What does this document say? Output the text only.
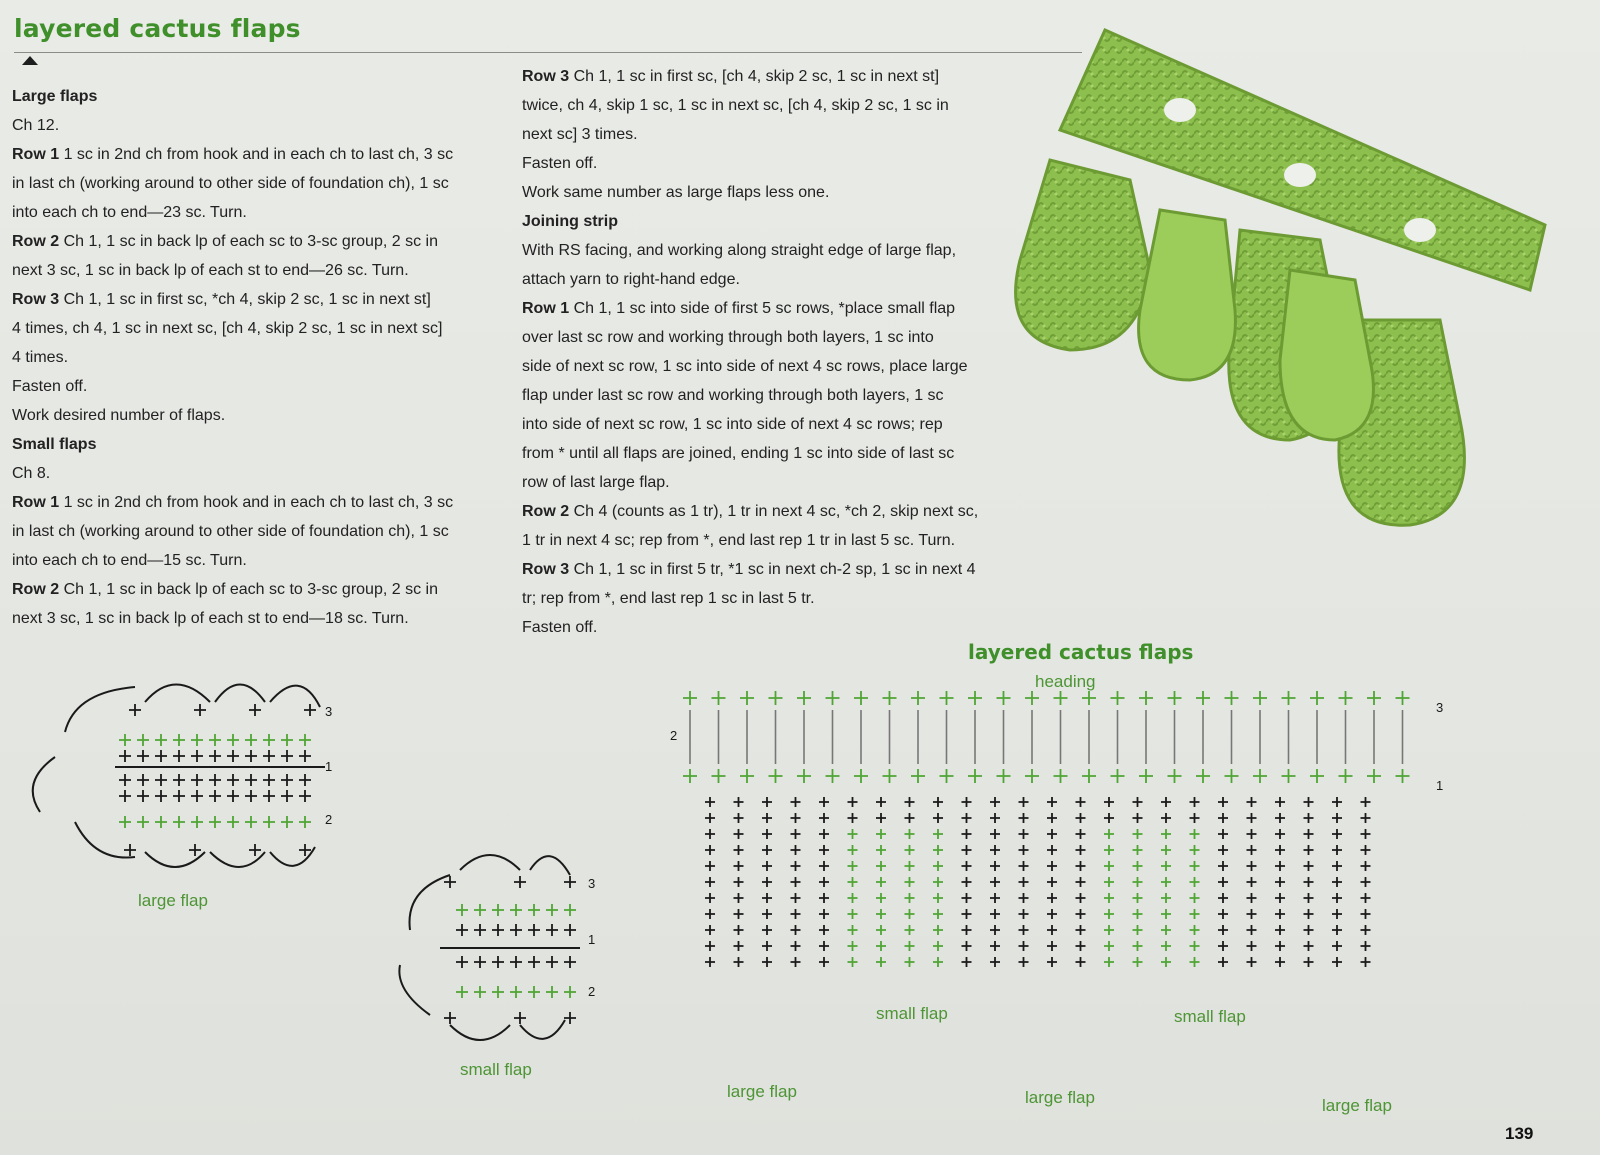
layered cactus flaps

Large flaps

Ch 12.

Row 1 1 sc in 2nd ch from hook and in each ch to last ch, 3 sc

in last ch (working around to other side of foundation ch), 1 sc

into each ch to end—23 sc. Turn.

Row 2 Ch 1, 1 sc in back lp of each sc to 3-sc group, 2 sc in

next 3 sc, 1 sc in back lp of each st to end—26 sc. Turn.

Row 3 Ch 1, 1 sc in first sc, *ch 4, skip 2 sc, 1 sc in next st]

4 times, ch 4, 1 sc in next sc, [ch 4, skip 2 sc, 1 sc in next sc]

4 times.

Fasten off.

Work desired number of flaps.

Small flaps

Ch 8.

Row 1 1 sc in 2nd ch from hook and in each ch to last ch, 3 sc

in last ch (working around to other side of foundation ch), 1 sc

into each ch to end—15 sc. Turn.

Row 2 Ch 1, 1 sc in back lp of each sc to 3-sc group, 2 sc in

next 3 sc, 1 sc in back lp of each st to end—18 sc. Turn.

Row 3 Ch 1, 1 sc in first sc, [ch 4, skip 2 sc, 1 sc in next st]

twice, ch 4, skip 1 sc, 1 sc in next sc, [ch 4, skip 2 sc, 1 sc in

next sc] 3 times.

Fasten off.

Work same number as large flaps less one.

Joining strip

With RS facing, and working along straight edge of large flap,

attach yarn to right-hand edge.

Row 1 Ch 1, 1 sc into side of first 5 sc rows, *place small flap

over last sc row and working through both layers, 1 sc into

side of next sc row, 1 sc into side of next 4 sc rows, place large

flap under last sc row and working through both layers, 1 sc

into side of next sc row, 1 sc into side of next 4 sc rows; rep

from * until all flaps are joined, ending 1 sc into side of last sc

row of last large flap.

Row 2 Ch 4 (counts as 1 tr), 1 tr in next 4 sc, *ch 2, skip next sc,

1 tr in next 4 sc; rep from *, end last rep 1 tr in last 5 sc. Turn.

Row 3 Ch 1, 1 sc in first 5 tr, *1 sc in next ch-2 sp, 1 sc in next 4

tr; rep from *, end last rep 1 sc in last 5 tr.

Fasten off.

layered cactus flaps
heading
3
1
2
large flap
3
1
2
small flap
2
3
1
large flap
small flap
large flap
small flap
large flap
139
